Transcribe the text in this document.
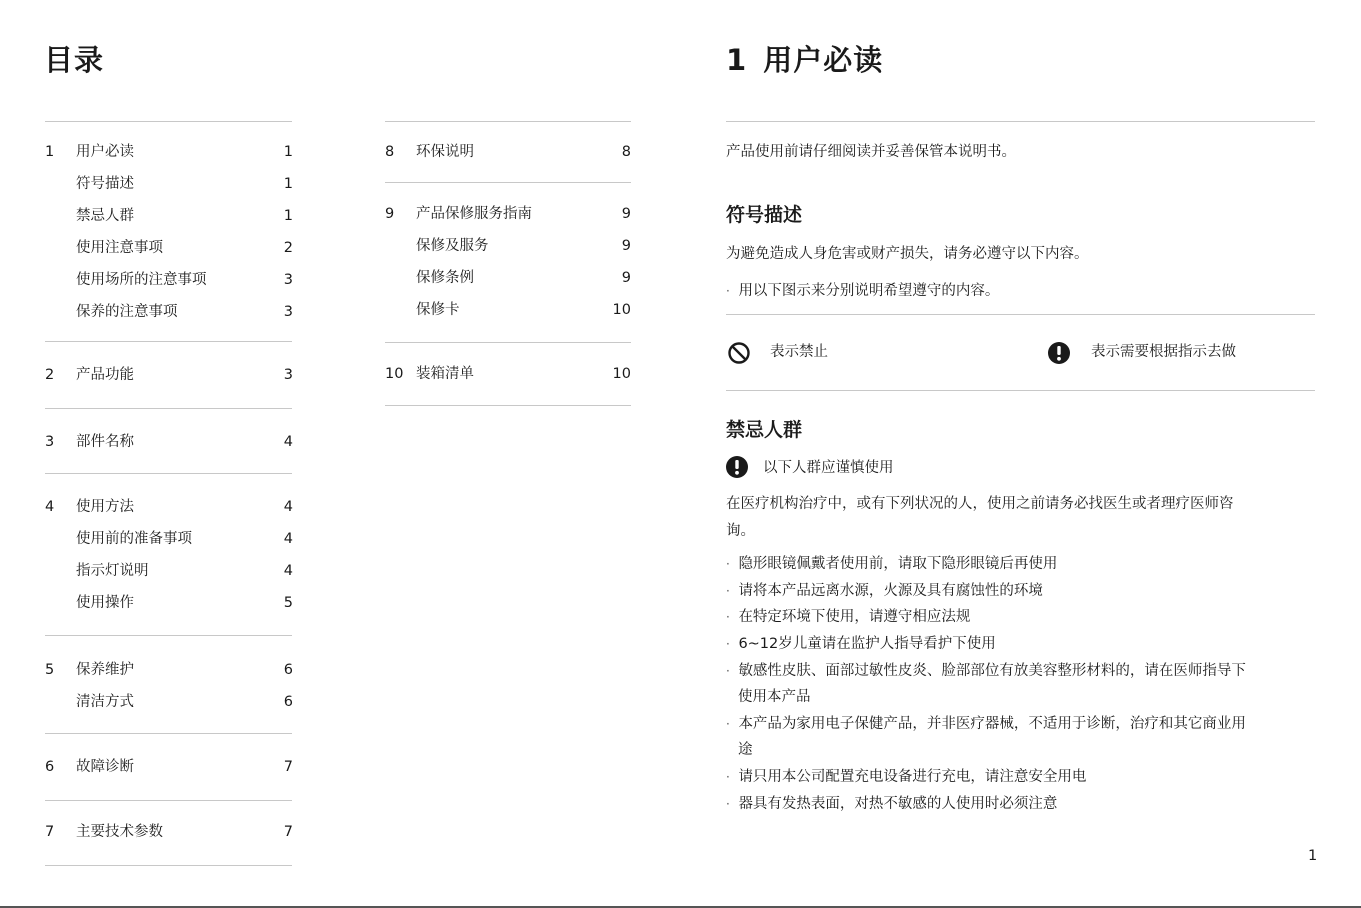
目录
1 用户必读	1
符号描述	1
禁忌人群	1
使用注意事项	2
使用场所的注意事项	3
保养的注意事项	3
2 产品功能	3
3 部件名称	4
4 使用方法	4
使用前的准备事项	4
指示灯说明	4
使用操作	5
5 保养维护	6
清洁方式	6
6 故障诊断	7
7 主要技术参数	7
8 环保说明	8
9 产品保修服务指南	9
保修及服务	9
保修条例	9
保修卡	10
10 装箱清单	10
1 用户必读
产品使用前请仔细阅读并妥善保管本说明书。
符号描述
为避免造成人身危害或财产损失，请务必遵守以下内容。
· 用以下图示来分别说明希望遵守的内容。
表示禁止	表示需要根据指示去做
禁忌人群
以下人群应谨慎使用
在医疗机构治疗中，或有下列状况的人，使用之前请务必找医生或者理疗医师咨
询。
· 隐形眼镜佩戴者使用前，请取下隐形眼镜后再使用
· 请将本产品远离水源，火源及具有腐蚀性的环境
· 在特定环境下使用，请遵守相应法规
· 6~12岁儿童请在监护人指导看护下使用
· 敏感性皮肤、面部过敏性皮炎、脸部部位有放美容整形材料的，请在医师指导下
使用本产品
· 本产品为家用电子保健产品，并非医疗器械，不适用于诊断，治疗和其它商业用
途
· 请只用本公司配置充电设备进行充电，请注意安全用电
· 器具有发热表面，对热不敏感的人使用时必须注意
1
